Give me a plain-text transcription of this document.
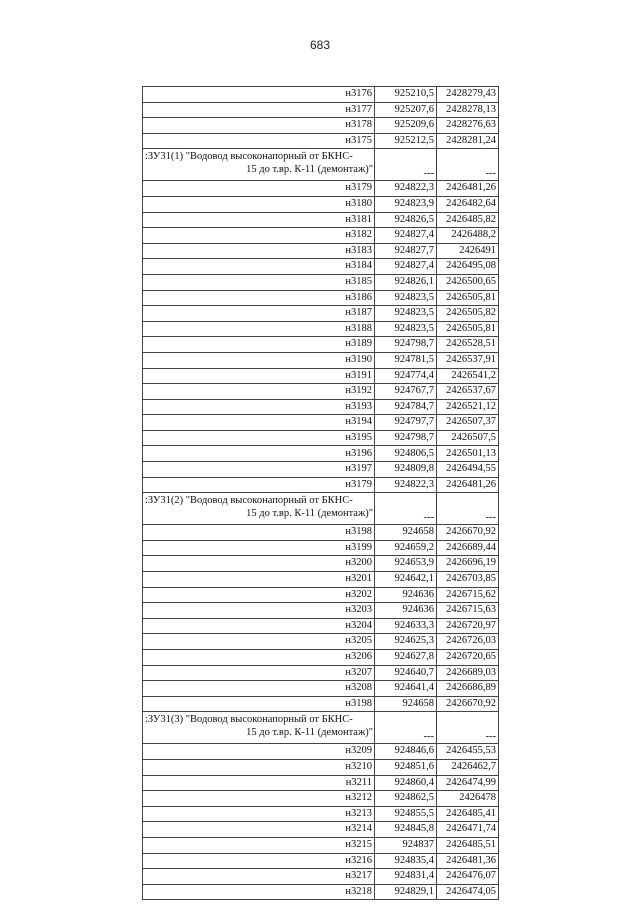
683
н3176	925210,5	2428279,43
н3177	925207,6	2428278,13
н3178	925209,6	2428276,63
н3175	925212,5	2428281,24
:ЗУ31(1) "Водовод высоконапорный от БКНС-
15 до т.вр. К-11 (демонтаж)"	---	---
н3179	924822,3	2426481,26
н3180	924823,9	2426482,64
н3181	924826,5	2426485,82
н3182	924827,4	2426488,2
н3183	924827,7	2426491
н3184	924827,4	2426495,08
н3185	924826,1	2426500,65
н3186	924823,5	2426505,81
н3187	924823,5	2426505,82
н3188	924823,5	2426505,81
н3189	924798,7	2426528,51
н3190	924781,5	2426537,91
н3191	924774,4	2426541,2
н3192	924767,7	2426537,67
н3193	924784,7	2426521,12
н3194	924797,7	2426507,37
н3195	924798,7	2426507,5
н3196	924806,5	2426501,13
н3197	924809,8	2426494,55
н3179	924822,3	2426481,26
:ЗУ31(2) "Водовод высоконапорный от БКНС-
15 до т.вр. К-11 (демонтаж)"	---	---
н3198	924658	2426670,92
н3199	924659,2	2426689,44
н3200	924653,9	2426696,19
н3201	924642,1	2426703,85
н3202	924636	2426715,62
н3203	924636	2426715,63
н3204	924633,3	2426720,97
н3205	924625,3	2426726,03
н3206	924627,8	2426720,65
н3207	924640,7	2426689,03
н3208	924641,4	2426686,89
н3198	924658	2426670,92
:ЗУ31(3) "Водовод высоконапорный от БКНС-
15 до т.вр. К-11 (демонтаж)"	---	---
н3209	924846,6	2426455,53
н3210	924851,6	2426462,7
н3211	924860,4	2426474,99
н3212	924862,5	2426478
н3213	924855,5	2426485,41
н3214	924845,8	2426471,74
н3215	924837	2426485,51
н3216	924835,4	2426481,36
н3217	924831,4	2426476,07
н3218	924829,1	2426474,05
